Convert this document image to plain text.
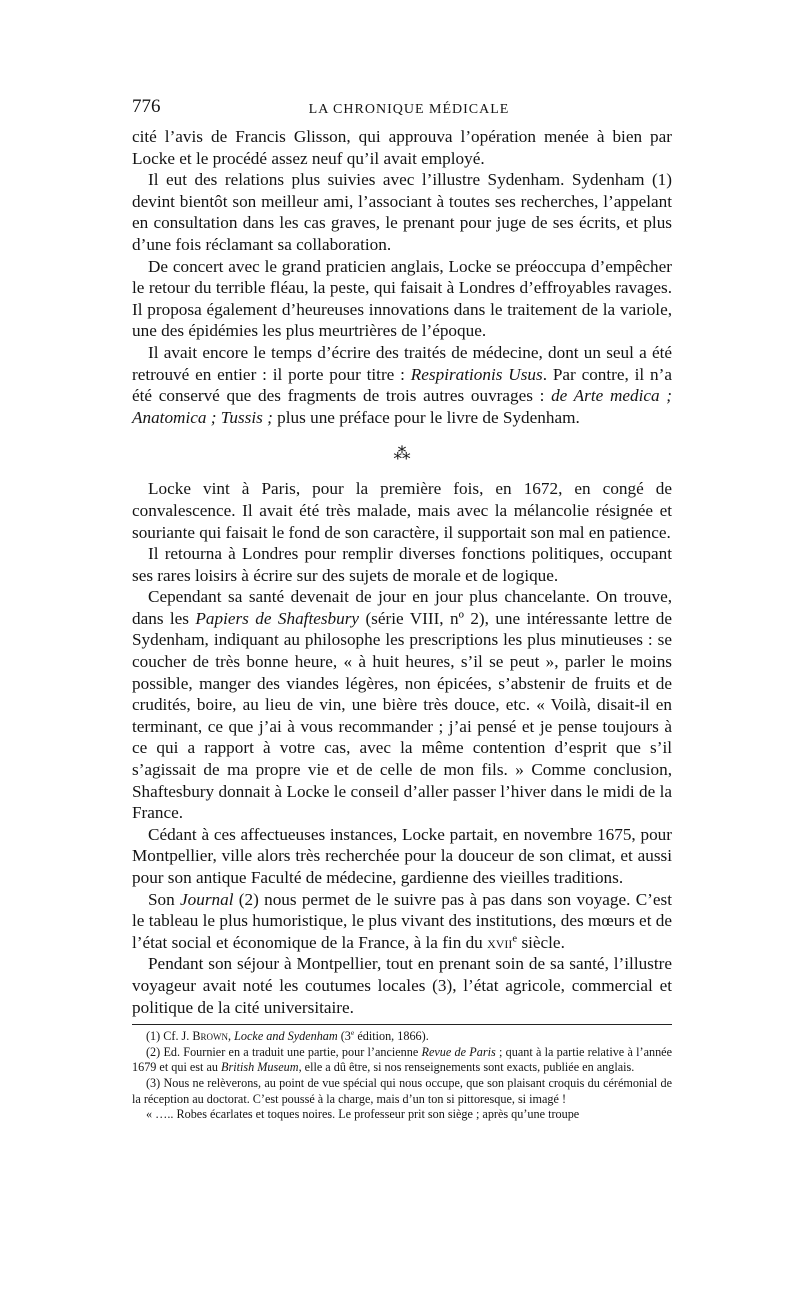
776	LA CHRONIQUE MÉDICALE

cité l’avis de Francis Glisson, qui approuva l’opération menée à bien par Locke et le procédé assez neuf qu’il avait employé.

Il eut des relations plus suivies avec l’illustre Sydenham. Sydenham (1) devint bientôt son meilleur ami, l’associant à toutes ses recherches, l’appelant en consultation dans les cas graves, le prenant pour juge de ses écrits, et plus d’une fois réclamant sa collaboration.

De concert avec le grand praticien anglais, Locke se préoccupa d’empêcher le retour du terrible fléau, la peste, qui faisait à Londres d’effroyables ravages. Il proposa également d’heureuses innovations dans le traitement de la variole, une des épidémies les plus meurtrières de l’époque.

Il avait encore le temps d’écrire des traités de médecine, dont un seul a été retrouvé en entier : il porte pour titre : Respirationis Usus. Par contre, il n’a été conservé que des fragments de trois autres ouvrages : de Arte medica ; Anatomica ; Tussis ; plus une préface pour le livre de Sydenham.

⁂

Locke vint à Paris, pour la première fois, en 1672, en congé de convalescence. Il avait été très malade, mais avec la mélancolie résignée et souriante qui faisait le fond de son caractère, il supportait son mal en patience.

Il retourna à Londres pour remplir diverses fonctions politiques, occupant ses rares loisirs à écrire sur des sujets de morale et de logique.

Cependant sa santé devenait de jour en jour plus chancelante. On trouve, dans les Papiers de Shaftesbury (série VIII, nº 2), une intéressante lettre de Sydenham, indiquant au philosophe les prescriptions les plus minutieuses : se coucher de très bonne heure, « à huit heures, s’il se peut », parler le moins possible, manger des viandes légères, non épicées, s’abstenir de fruits et de crudités, boire, au lieu de vin, une bière très douce, etc. « Voilà, disait-il en terminant, ce que j’ai à vous recommander ; j’ai pensé et je pense toujours à ce qui a rapport à votre cas, avec la même contention d’esprit que s’il s’agissait de ma propre vie et de celle de mon fils. » Comme conclusion, Shaftesbury donnait à Locke le conseil d’aller passer l’hiver dans le midi de la France.

Cédant à ces affectueuses instances, Locke partait, en novembre 1675, pour Montpellier, ville alors très recherchée pour la douceur de son climat, et aussi pour son antique Faculté de médecine, gardienne des vieilles traditions.

Son Journal (2) nous permet de le suivre pas à pas dans son voyage. C’est le tableau le plus humoristique, le plus vivant des institutions, des mœurs et de l’état social et économique de la France, à la fin du xvii$^e$ siècle.

Pendant son séjour à Montpellier, tout en prenant soin de sa santé, l’illustre voyageur avait noté les coutumes locales (3), l’état agricole, commercial et politique de la cité universitaire.

(1) Cf. J. Brown, Locke and Sydenham (3e édition, 1866).

(2) Ed. Fournier en a traduit une partie, pour l’ancienne Revue de Paris ; quant à la partie relative à l’année 1679 et qui est au British Museum, elle a dû être, si nos renseignements sont exacts, publiée en anglais.

(3) Nous ne relèverons, au point de vue spécial qui nous occupe, que son plaisant croquis du cérémonial de la réception au doctorat. C’est poussé à la charge, mais d’un ton si pittoresque, si imagé !

« ….. Robes écarlates et toques noires. Le professeur prit son siège ; après qu’une troupe
